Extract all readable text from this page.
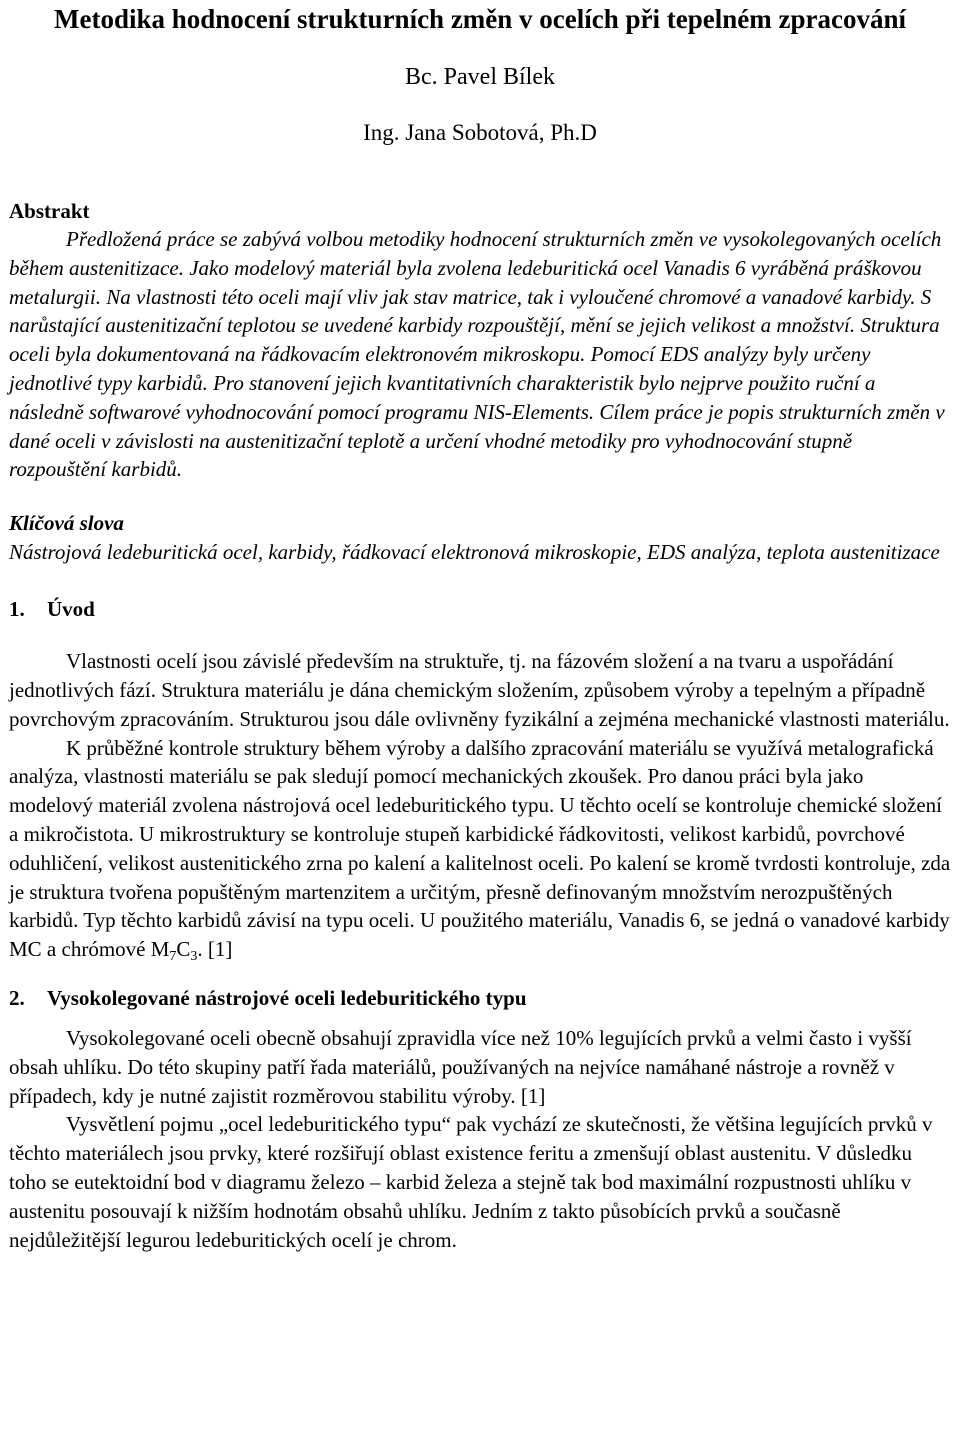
Metodika hodnocení strukturních změn v ocelích při tepelném zpracování

Bc. Pavel Bílek

Ing. Jana Sobotová, Ph.D

Abstrakt

Předložená práce se zabývá volbou metodiky hodnocení strukturních změn ve vysokolegovaných ocelích během austenitizace. Jako modelový materiál byla zvolena ledeburitická ocel Vanadis 6 vyráběná práškovou metalurgii. Na vlastnosti této oceli mají vliv jak stav matrice, tak i vyloučené chromové a vanadové karbidy. S narůstající austenitizační teplotou se uvedené karbidy rozpouštějí, mění se jejich velikost a množství. Struktura oceli byla dokumentovaná na řádkovacím elektronovém mikroskopu. Pomocí EDS analýzy byly určeny jednotlivé typy karbidů. Pro stanovení jejich kvantitativních charakteristik bylo nejprve použito ruční a následně softwarové vyhodnocování pomocí programu NIS-Elements. Cílem práce je popis strukturních změn v dané oceli v závislosti na austenitizační teplotě a určení vhodné metodiky pro vyhodnocování stupně rozpouštění karbidů.

Klíčová slova

Nástrojová ledeburitická ocel, karbidy, řádkovací elektronová mikroskopie, EDS analýza, teplota austenitizace

1. Úvod

Vlastnosti ocelí jsou závislé především na struktuře, tj. na fázovém složení a na tvaru a uspořádání jednotlivých fází. Struktura materiálu je dána chemickým složením, způsobem výroby a tepelným a případně povrchovým zpracováním. Strukturou jsou dále ovlivněny fyzikální a zejména mechanické vlastnosti materiálu.

K průběžné kontrole struktury během výroby a dalšího zpracování materiálu se využívá metalografická analýza, vlastnosti materiálu se pak sledují pomocí mechanických zkoušek. Pro danou práci byla jako modelový materiál zvolena nástrojová ocel ledeburitického typu. U těchto ocelí se kontroluje chemické složení a mikročistota. U mikrostruktury se kontroluje stupeň karbidické řádkovitosti, velikost karbidů, povrchové oduhličení, velikost austenitického zrna po kalení a kalitelnost oceli. Po kalení se kromě tvrdosti kontroluje, zda je struktura tvořena popuštěným martenzitem a určitým, přesně definovaným množstvím nerozpuštěných karbidů. Typ těchto karbidů závisí na typu oceli. U použitého materiálu, Vanadis 6, se jedná o vanadové karbidy MC a chrómové $M_7C_3$. [1]

2. Vysokolegované nástrojové oceli ledeburitického typu

Vysokolegované oceli obecně obsahují zpravidla více než 10% legujících prvků a velmi často i vyšší obsah uhlíku. Do této skupiny patří řada materiálů, používaných na nejvíce namáhané nástroje a rovněž v případech, kdy je nutné zajistit rozměrovou stabilitu výroby. [1]

Vysvětlení pojmu „ocel ledeburitického typu“ pak vychází ze skutečnosti, že většina legujících prvků v těchto materiálech jsou prvky, které rozšiřují oblast existence feritu a zmenšují oblast austenitu. V důsledku toho se eutektoidní bod v diagramu železo – karbid železa a stejně tak bod maximální rozpustnosti uhlíku v austenitu posouvají k nižším hodnotám obsahů uhlíku. Jedním z takto působících prvků a současně nejdůležitější legurou ledeburitických ocelí je chrom.
